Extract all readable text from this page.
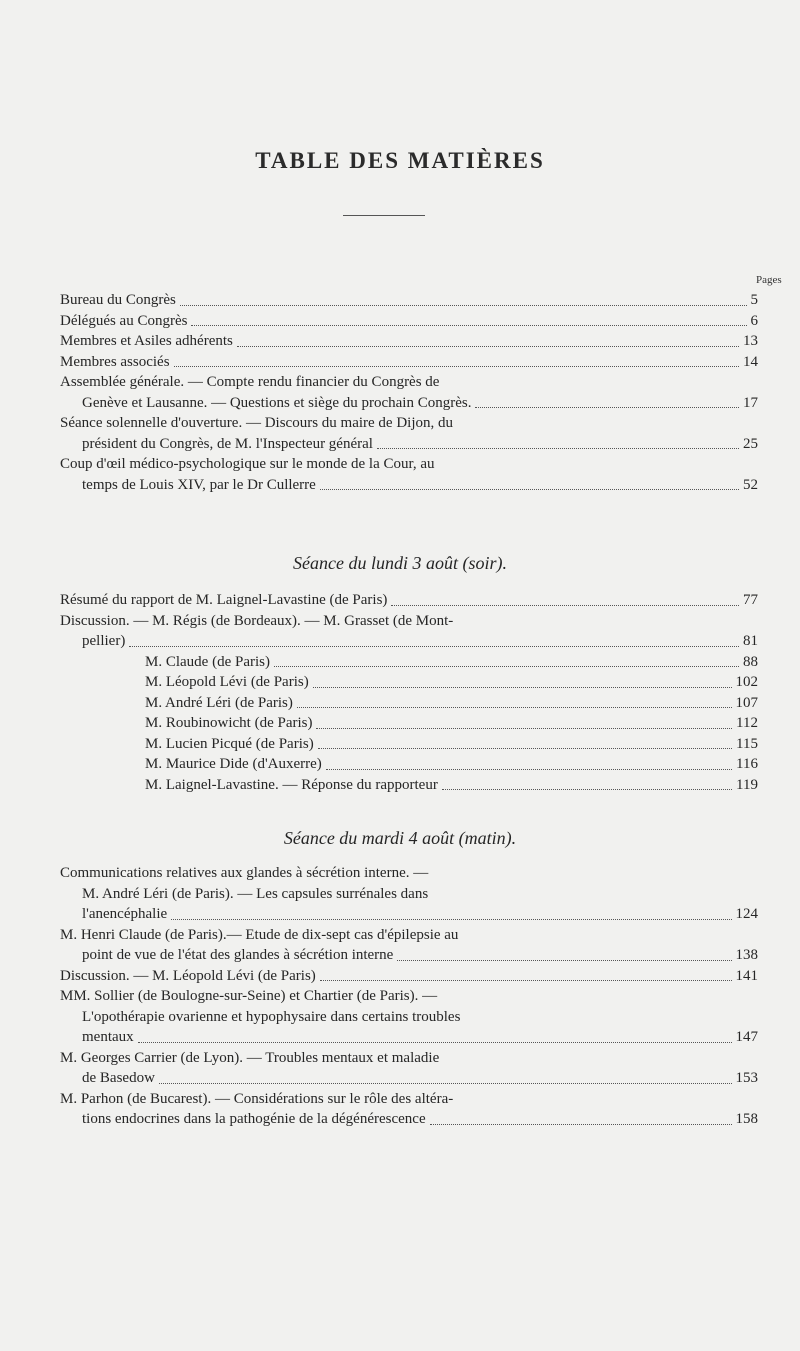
TABLE DES MATIÈRES
Pages
Bureau du Congrès	5
Délégués au Congrès	6
Membres et Asiles adhérents	13
Membres associés	14
Assemblée générale. — Compte rendu financier du Congrès de
Genève et Lausanne. — Questions et siège du prochain Congrès.	17
Séance solennelle d'ouverture. — Discours du maire de Dijon, du
président du Congrès, de M. l'Inspecteur général	25
Coup d'œil médico-psychologique sur le monde de la Cour, au
temps de Louis XIV, par le Dr Cullerre	52
Séance du lundi 3 août (soir).
Résumé du rapport de M. Laignel-Lavastine (de Paris)	77
Discussion. — M. Régis (de Bordeaux). — M. Grasset (de Mont-
pellier)	81
M. Claude (de Paris)	88
M. Léopold Lévi (de Paris)	102
M. André Léri (de Paris)	107
M. Roubinowicht (de Paris)	112
M. Lucien Picqué (de Paris)	115
M. Maurice Dide (d'Auxerre)	116
M. Laignel-Lavastine. — Réponse du rapporteur	119
Séance du mardi 4 août (matin).
Communications relatives aux glandes à sécrétion interne. —
M. André Léri (de Paris). — Les capsules surrénales dans
l'anencéphalie	124
M. Henri Claude (de Paris).— Etude de dix-sept cas d'épilepsie au
point de vue de l'état des glandes à sécrétion interne	138
Discussion. — M. Léopold Lévi (de Paris)	141
MM. Sollier (de Boulogne-sur-Seine) et Chartier (de Paris). —
L'opothérapie ovarienne et hypophysaire dans certains troubles
mentaux	147
M. Georges Carrier (de Lyon). — Troubles mentaux et maladie
de Basedow	153
M. Parhon (de Bucarest). — Considérations sur le rôle des altéra-
tions endocrines dans la pathogénie de la dégénérescence	158
